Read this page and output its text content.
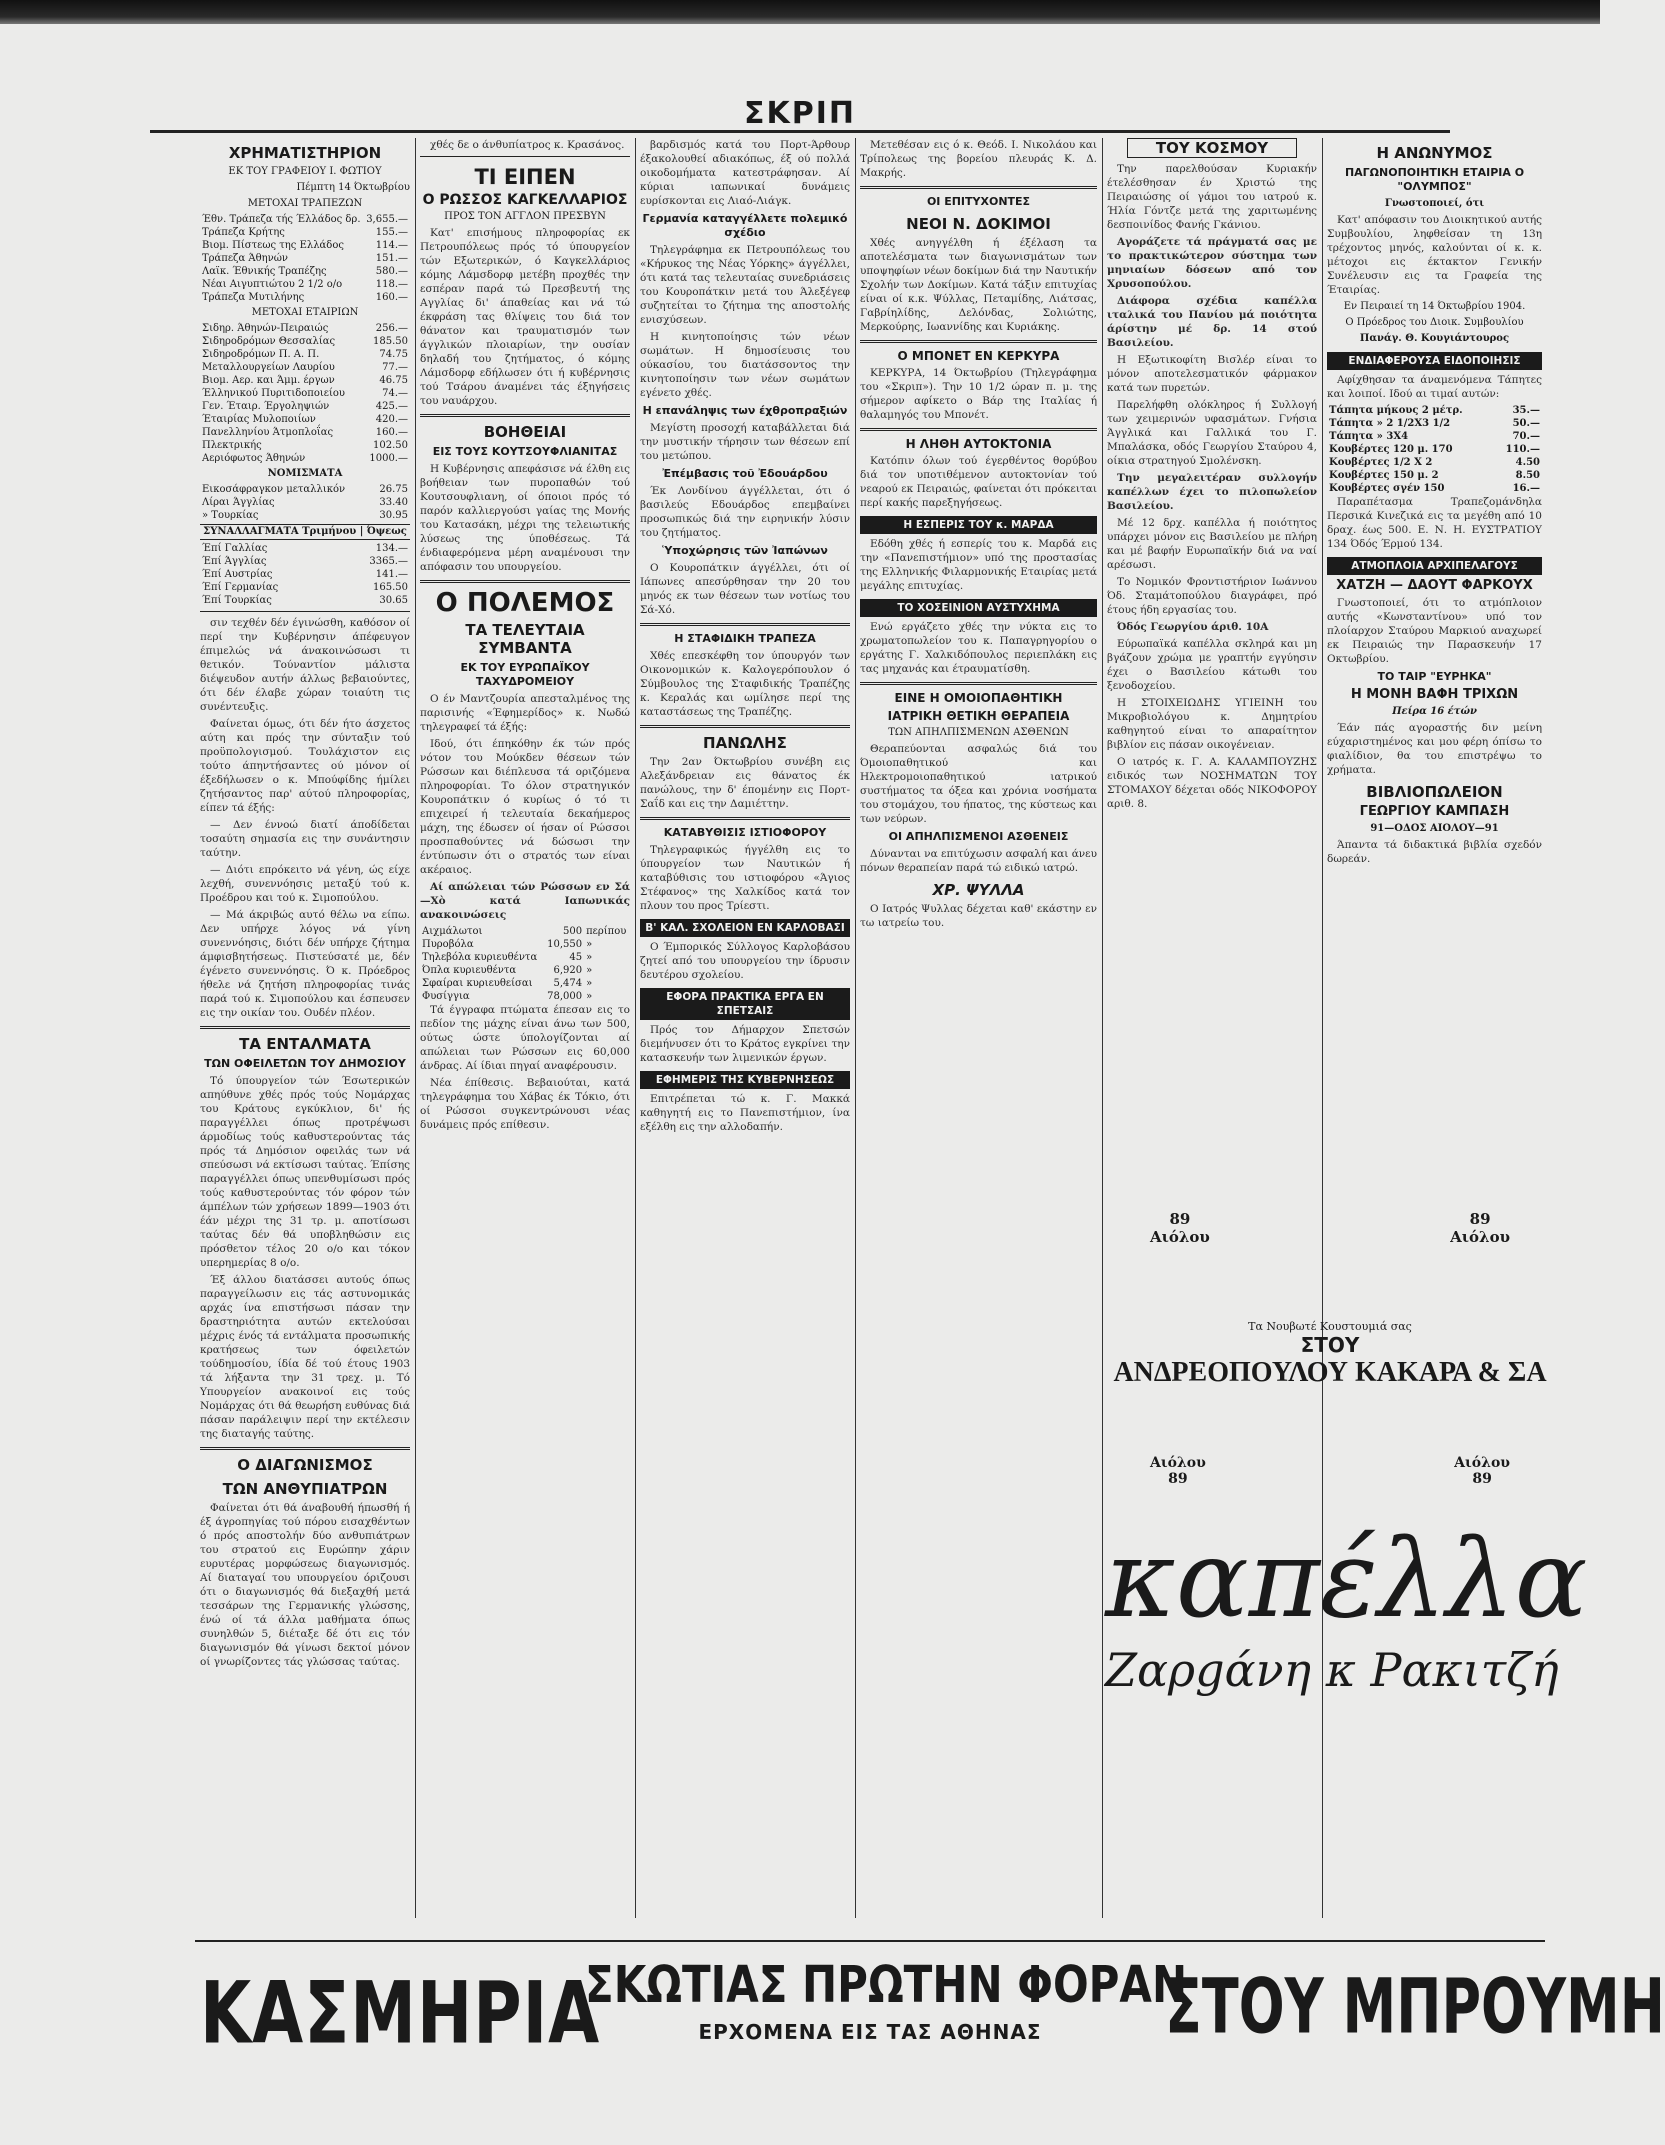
ΣΚΡΙΠ
ΧΡΗΜΑΤΙΣΤΗΡΙΟΝ
ΕΚ ΤΟΥ ΓΡΑΦΕΙΟΥ Ι. ΦΩΤΙΟΥ
Πέμπτη 14 Όκτωβρίου
ΜΕΤΟΧΑΙ ΤΡΑΠΕΖΩΝ
Έθν. Τράπεζα τής Έλλάδος δρ.	3,655.—
Τράπεζα Κρήτης	155.—
Βιομ. Πίστεως της Ελλάδος	114.—
Τράπεζα Άθηνών	151.—
Λαϊκ. Έθνικής Τραπέζης	580.—
Νέαι Αιγυπτιώτου 2 1/2 ο/ο	118.—
Τράπεζα Μυτιλήνης	160.—
ΜΕΤΟΧΑΙ ΕΤΑΙΡΙΩΝ
Σιδηρ. Άθηνών-Πειραιώς	256.—
Σιδηροδρόμων Θεσσαλίας	185.50
Σιδηροδρόμων Π. Α. Π.	74.75
Μεταλλουργείων Λαυρίου	77.—
Βιομ. Αερ. και Άμμ. έργων	46.75
Έλληνικού Πυριτιδοποιείου	74.—
Γεν. Έταιρ. Έργοληψιών	425.—
Έταιρίας Μυλοποιίων	420.—
Πανελληνίου Άτμοπλοΐας	160.—
Πλεκτρικής	102.50
Αεριόφωτος Άθηνών	1000.—
ΝΟΜΙΣΜΑΤΑ
Εικοσάφραγκον μεταλλικόν	26.75
Λίραι Άγγλίας	33.40
» Τουρκίας	30.95
ΣΥΝΑΛΛΑΓΜΑΤΑ Τριμήνου | Όψεως
Έπί Γαλλίας	134.—
Έπί Άγγλίας	3365.—
Έπί Αυστρίας	141.—
Έπί Γερμανίας	165.50
Έπί Τουρκίας	30.65

σιν τεχθέν δέν έγινώσθη, καθόσον οί περί την Κυβέρνησιν άπέφευγον έπιμελώς νά άνακοινώσωσι τι θετικόν. Τούναντίον μάλιστα διέψευδον αυτήν άλλως βεβαιούντες, ότι δέν έλαβε χώραν τοιαύτη τις συνέντευξις.

Φαίνεται όμως, ότι δέν ήτο άσχετος αύτη και πρός την σύνταξιν τού προϋπολογισμού. Τουλάχιστον εις τούτο άπηντήσαντες ού μόνον οί έξεδήλωσεν ο κ. Μπούφίδης ήμίλει ζητήσαντος παρ' αύτού πληροφορίας, είπεν τά έξής:

— Δεν έννοώ διατί άποδίδεται τοσαύτη σημασία εις την συνάντησιν ταύτην.

— Διότι επρόκειτο νά γένη, ώς είχε λεχθή, συνεννόησις μεταξύ τού κ. Προέδρου και τού κ. Σιμοπούλου.

— Μά άκριβώς αυτό θέλω να είπω. Δεν υπήρχε λόγος νά γίνη συνεννόησις, διότι δέν υπήρχε ζήτημα άμφισβητήσεως. Πιστεύσατέ με, δέν έγένετο συνεννόησις. Ό κ. Πρόεδρος ήθελε νά ζητήση πληροφορίας τινάς παρά τού κ. Σιμοπούλου και έσπευσεν εις την οικίαν του. Ουδέν πλέον.

ΤΑ ΕΝΤΑΛΜΑΤΑ
ΤΩΝ ΟΦΕΙΛΕΤΩΝ ΤΟΥ ΔΗΜΟΣΙΟΥ

Τό ύπουργείον τών Έσωτερικών απηύθυνε χθές πρός τούς Νομάρχας του Κράτους εγκύκλιον, δι' ής παραγγέλλει όπως προτρέψωσι άρμοδίως τούς καθυστερούντας τάς πρός τά Δημόσιον οφειλάς των νά σπεύσωσι νά εκτίσωσι ταύτας. Έπίσης παραγγέλλει όπως υπενθυμίσωσι πρός τούς καθυστερούντας τόν φόρον τών άμπέλων τών χρήσεων 1899—1903 ότι έάν μέχρι της 31 τρ. μ. αποτίσωσι ταύτας δέν θά υποβληθώσιν εις πρόσθετον τέλος 20 ο/ο και τόκον υπερημερίας 8 ο/ο.

Έξ άλλου διατάσσει αυτούς όπως παραγγείλωσιν εις τάς αστυνομικάς αρχάς ίνα επιστήσωσι πάσαν την δραστηριότητα αυτών εκτελούσαι μέχρις ένός τά εντάλματα προσωπικής κρατήσεως των όφειλετών τούδημοσίου, ίδία δέ τού έτους 1903 τά λήξαντα την 31 τρεχ. μ. Τό Υπουργείον ανακοινοί εις τούς Νομάρχας ότι θά θεωρήση ευθύνας διά πάσαν παράλειψιν περί την εκτέλεσιν της διαταγής ταύτης.

Ο ΔΙΑΓΩΝΙΣΜΟΣ
ΤΩΝ ΑΝΘΥΠΙΑΤΡΩΝ

Φαίνεται ότι θά άναβουθή ήπωσθή ή έξ άγροπηγίας τού πόρου εισαχθέντων ό πρός αποστολήν δύο ανθυπιάτρων του στρατού εις Ευρώπην χάριν ευρυτέρας μορφώσεως διαγωνισμός. Αί διαταγαί του υπουργείου όριζουσι ότι ο διαγωνισμός θά διεξαχθή μετά τεσσάρων της Γερμανικής γλώσσης, ένώ οί τά άλλα μαθήματα όπως συνηλθών 5, διέταξε δέ ότι εις τόν διαγωνισμόν θά γίνωσι δεκτοί μόνον οί γνωρίζοντες τάς γλώσσας ταύτας.

χθές δε ο άνθυπίατρος κ. Κρασάνος.

ΤΙ ΕΙΠΕΝ
Ο ΡΩΣΣΟΣ ΚΑΓΚΕΛΛΑΡΙΟΣ
ΠΡΟΣ ΤΟΝ ΑΓΓΛΟΝ ΠΡΕΣΒΥΝ

Κατ' επισήμους πληροφορίας εκ Πετρουπόλεως πρός τό ύπουργείον τών Εξωτερικών, ό Καγκελλάριος κόμης Λάμσδορφ μετέβη προχθές την εσπέραν παρά τώ Πρεσβευτή της Αγγλίας δι' άπαθείας και νά τώ έκφράση τας θλίψεις του διά τον θάνατον και τραυματισμόν των άγγλικών πλοιαρίων, την ουσίαν δηλαδή του ζητήματος, ό κόμης Λάμσδορφ εδήλωσεν ότι ή κυβέρνησις τού Τσάρου άναμένει τάς έξηγήσεις του ναυάρχου.

ΒΟΗΘΕΙΑΙ
ΕΙΣ ΤΟΥΣ ΚΟΥΤΣΟΥΦΛΙΑΝΙΤΑΣ

Η Κυβέρνησις απεφάσισε νά έλθη εις βοήθειαν των πυροπαθών τού Κουτσουφλιανη, οί όποιοι πρός τό παρόν καλλιεργούσι γαίας της Μονής του Κατασάκη, μέχρι της τελειωτικής λύσεως της ύποθέσεως. Τά ένδιαφερόμενα μέρη αναμένουσι την απόφασιν του υπουργείου.

Ο ΠΟΛΕΜΟΣ
ΤΑ ΤΕΛΕΥΤΑΙΑ ΣΥΜΒΑΝΤΑ
ΕΚ ΤΟΥ ΕΥΡΩΠΑΪΚΟΥ ΤΑΧΥΔΡΟΜΕΙΟΥ

Ο έν Μαντζουρία απεσταλμένος της παρισινής «Έφημερίδος» κ. Νωδώ τηλεγραφεί τά έξής:

Ιδού, ότι έπηκόθην έκ τών πρός νότον του Μούκδεν θέσεων τών Ρώσσων και διέπλευσα τά οριζόμενα πληροφορίαι. Το όλον στρατηγικόν Κουροπάτκιν ό κυρίως ό τό τι επιχειρεί ή τελευταία δεκαήμερος μάχη, της έδωσεν οί ήσαν οί Ρώσσοι προσπαθούντες νά δώσωσι την έντύπωσιν ότι ο στρατός των είναι ακέραιος.

Αί απώλειαι τών Ρώσσων εν Σά—Χὸ κατά Ιαπωνικάς ανακοινώσεις

Αιχμάλωτοι	500	περίπου
Πυροβόλα	10,550	»
Τηλεβόλα κυριευθέντα	45	»
Όπλα κυριευθέντα	6,920	»
Σφαίραι κυριευθείσαι	5,474	»
Φυσίγγια	78,000	»

Τά έγγραφα πτώματα έπεσαν εις το πεδίον της μάχης είναι άνω των 500, ούτως ώστε ύπολογίζονται αί απώλειαι των Ρώσσων εις 60,000 άνδρας. Αί ίδιαι πηγαί αναφέρουσιν.

Νέα έπίθεσις. Βεβαιούται, κατά τηλεγράφημα του Χάβας έκ Τόκιο, ότι οί Ρώσσοι συγκεντρώνουσι νέας δυνάμεις πρός επίθεσιν.

βαρδισμός κατά του Πορτ-Άρθουρ έξακολουθεί αδιακόπως, έξ ού πολλά οικοδομήματα κατεστράφησαν. Αί κύριαι ιαπωνικαί δυνάμεις ευρίσκονται εις Λιαό-Λιάγκ.

Γερμανία καταγγέλλετε πολεμικό σχέδιο

Τηλεγράφημα εκ Πετρουπόλεως του «Κήρυκος της Νέας Υόρκης» άγγέλλει, ότι κατά τας τελευταίας συνεδριάσεις του Κουροπάτκιν μετά του Άλεξέγεφ συζητείται το ζήτημα της αποστολής ενισχύσεων.

Η κινητοποίησις τών νέων σωμάτων. Η δημοσίευσις του ούκασίου, του διατάσσοντος την κινητοποίησιν των νέων σωμάτων εγένετο χθές.

Η επανάληψις των έχθροπραξιών

Μεγίστη προσοχή καταβάλλεται διά την μυστικήν τήρησιν των θέσεων επί του μετώπου.

Ἐπέμβασις τοῦ Ἐδουάρδου

Έκ Λονδίνου άγγέλλεται, ότι ό βασιλεύς Εδουάρδος επεμβαίνει προσωπικώς διά την ειρηνικήν λύσιν του ζητήματος.

Ὑποχώρησις τῶν Ἰαπώνων

Ο Κουροπάτκιν άγγέλλει, ότι οί Ιάπωνες απεσύρθησαν την 20 του μηνός εκ των θέσεων των νοτίως του Σά-Χό.

Η ΣΤΑΦΙΔΙΚΗ ΤΡΑΠΕΖΑ

Χθές επεσκέφθη τον ύπουργόν των Οικονομικών κ. Καλογερόπουλον ό Σύμβουλος της Σταφιδικής Τραπέζης κ. Κεραλάς και ωμίλησε περί της καταστάσεως της Τραπέζης.

ΠΑΝΩΛΗΣ

Την 2αν Όκτωβρίου συνέβη εις Αλεξάνδρειαν εις θάνατος έκ πανώλους, την δ' έπομένην εις Πορτ-Σαΐδ και εις την Δαμιέττην.

ΚΑΤΑΒΥΘΙΣΙΣ ΙΣΤΙΟΦΟΡΟΥ

Τηλεγραφικώς ήγγέλθη εις το ύπουργείον των Ναυτικών ή καταβύθισις του ιστιοφόρου «Άγιος Στέφανος» της Χαλκίδος κατά τον πλουν του προς Τρίεστι.

Β' ΚΑΛ. ΣΧΟΛΕΙΟΝ ΕΝ ΚΑΡΛΟΒΑΣΙ

Ο Έμπορικός Σύλλογος Καρλοβάσου ζητεί από του υπουργείου την ίδρυσιν δευτέρου σχολείου.

ΕΦΟΡΑ ΠΡΑΚΤΙΚΑ ΕΡΓΑ ΕΝ ΣΠΕΤΣΑΙΣ

Πρός τον Δήμαρχον Σπετσών διεμήνυσεν ότι το Κράτος εγκρίνει την κατασκευήν των λιμενικών έργων.

ΕΦΗΜΕΡΙΣ ΤΗΣ ΚΥΒΕΡΝΗΣΕΩΣ

Επιτρέπεται τώ κ. Γ. Μακκά καθηγητή εις το Πανεπιστήμιον, ίνα εξέλθη εις την αλλοδαπήν.

Μετεθέσαν εις ό κ. Θεόδ. Ι. Νικολάου και Τρίπολεως της βορείου πλευράς Κ. Δ. Μακρής.

ΟΙ ΕΠΙΤΥΧΟΝΤΕΣ
ΝΕΟΙ Ν. ΔΟΚΙΜΟΙ

Χθές ανηγγέλθη ή έξέλαση τα αποτελέσματα των διαγωνισμάτων των υποψηφίων νέων δοκίμων διά την Ναυτικήν Σχολήν των Δοκίμων. Κατά τάξιν επιτυχίας είναι οί κ.κ. Ψύλλας, Πεταμίδης, Λιάτσας, Γαβρίηλίδης, Δελόνδας, Σολιώτης, Μερκούρης, Ιωαννίδης και Κυριάκης.

Ο ΜΠΟΝΕΤ ΕΝ ΚΕΡΚΥΡΑ

ΚΕΡΚΥΡΑ, 14 Όκτωβρίου (Τηλεγράφημα του «Σκριπ»). Την 10 1/2 ώραν π. μ. της σήμερον αφίκετο ο Βάρ της Ιταλίας ή θαλαμηγός του Μπονέτ.

Η ΛΗΘΗ ΑΥΤΟΚΤΟΝΙΑ

Κατόπιν όλων τού έγερθέντος θορύβου διά τον υποτιθέμενον αυτοκτονίαν τού νεαρού εκ Πειραιώς, φαίνεται ότι πρόκειται περί κακής παρεξηγήσεως.

Η ΕΣΠΕΡΙΣ ΤΟΥ κ. ΜΑΡΔΑ

Εδόθη χθές ή εσπερίς του κ. Μαρδά εις την «Πανεπιστήμιον» υπό της προστασίας της Ελληνικής Φιλαρμονικής Εταιρίας μετά μεγάλης επιτυχίας.

ΤΟ ΧΟΣΕΙΝΙΟΝ ΑΥΣΤΥΧΗΜΑ

Ενώ εργάζετο χθές την νύκτα εις το χρωματοπωλείον του κ. Παπαγρηγορίου ο εργάτης Γ. Χαλκιδόπουλος περιεπλάκη εις τας μηχανάς και έτραυματίσθη.

ΕΙΝΕ Η ΟΜΟΙΟΠΑΘΗΤΙΚΗ
ΙΑΤΡΙΚΗ ΘΕΤΙΚΗ ΘΕΡΑΠΕΙΑ
ΤΩΝ ΑΠΗΛΠΙΣΜΕΝΩΝ ΑΣΘΕΝΩΝ

Θεραπεύονται ασφαλώς διά του Όμοιοπαθητικού και Ηλεκτρομοιοπαθητικού ιατρικού συστήματος τα όξεα και χρόνια νοσήματα του στομάχου, του ήπατος, της κύστεως και των νεύρων.

ΟΙ ΑΠΗΛΠΙΣΜΕΝΟΙ ΑΣΘΕΝΕΙΣ

Δύνανται να επιτύχωσιν ασφαλή και άνευ πόνων θεραπείαν παρά τώ ειδικώ ιατρώ.

ΧΡ. ΨΥΛΛΑ

Ο Ιατρός Ψυλλας δέχεται καθ' εκάστην εν τω ιατρείω του.

ΤΟΥ ΚΟΣΜΟΥ

Την παρελθούσαν Κυριακήν έτελέσθησαν έν Χριστώ της Πειραιώσης οί γάμοι του ιατρού κ. Ήλία Γόντζε μετά της χαριτωμένης δεσποινίδος Φανής Γκάνιου.

Αγοράζετε τά πράγματά σας με το πρακτικώτερον σύστημα των μηνιαίων δόσεων από τον Χρυσοπούλου.

Διάφορα σχέδια καπέλλα ιταλικά του Πανίου μά ποιότητα άρίστην μέ δρ. 14 στού Βασιλείου.

Η Εξωτικοφίτη Βισλέρ είναι το μόνον αποτελεσματικόν φάρμακον κατά των πυρετών.

Παρελήφθη ολόκληρος ή Συλλογή των χειμερινών υφασμάτων. Γνήσια Άγγλικά και Γαλλικά του Γ. Μπαλάσκα, οδός Γεωργίου Σταύρου 4, οίκια στρατηγού Σμολένσκη.

Την μεγαλειτέραν συλλογήν καπέλλων έχει το πιλοπωλείον Βασιλείου.

Μέ 12 δρχ. καπέλλα ή ποιότητος υπάρχει μόνον εις Βασιλείου με πλήρη και μέ βαφήν Ευρωπαϊκήν διά να ναί αρέσωσι.

Το Νομικόν Φροντιστήριον Ιωάννου Όδ. Σταμάτοπούλου διαγράφει, πρό έτους ήδη εργασίας του.

Όδός Γεωργίου άριθ. 10Α

Εύρωπαϊκά καπέλλα σκληρά και μη βγάζουν χρώμα με γραπτήν εγγύησιν έχει ο Βασιλείου κάτωθι του ξενοδοχείου.

Η ΣΤΟΙΧΕΙΩΔΗΣ ΥΓΙΕΙΝΗ του Μικροβιολόγου κ. Δημητρίου καθηγητού είναι το απαραίτητον βιβλίον εις πάσαν οικογένειαν.

Ο ιατρός κ. Γ. Α. ΚΑΛΑΜΠΟΥΖΗΣ ειδικός των ΝΟΣΗΜΑΤΩΝ ΤΟΥ ΣΤΟΜΑΧΟΥ δέχεται οδός ΝΙΚΟΦΟΡΟΥ αριθ. 8.

Η ΑΝΩΝΥΜΟΣ
ΠΑΓΩΝΟΠΟΙΗΤΙΚΗ ΕΤΑΙΡΙΑ Ο "ΟΛΥΜΠΟΣ"
Γνωστοποιεί, ότι

Κατ' απόφασιν του Διοικητικού αυτής Συμβουλίου, ληφθείσαν τη 13η τρέχοντος μηνός, καλούνται οί κ. κ. μέτοχοι εις έκτακτον Γενικήν Συνέλευσιν εις τα Γραφεία της Έταιρίας.

Εν Πειραιεί τη 14 Όκτωβρίου 1904.
Ο Πρόεδρος του Διοικ. Συμβουλίου
Πανάγ. Θ. Κουγιάντουρος
ΕΝΔΙΑΦΕΡΟΥΣΑ ΕΙΔΟΠΟΙΗΣΙΣ

Αφίχθησαν τα άναμενόμενα Τάπητες και λοιποί. Ιδού αι τιμαί αυτών:

Τάπητα μήκους 2 μέτρ.	35.—
Τάπητα » 2 1/2Χ3 1/2	50.—
Τάπητα » 3Χ4	70.—
Κουβέρτες 120 μ. 170	110.—
Κουβέρτες 1/2 Χ 2	4.50
Κουβέρτες 150 μ. 2	8.50
Κουβέρτες σγέν 150	16.—

Παραπέτασμα Τραπεζομάνδηλα Περσικά Κινεζικά εις τα μεγέθη από 10 δραχ. έως 500. Ε. Ν. Η. ΕΥΣΤΡΑΤΙΟΥ 134 Όδός Έρμού 134.

ΑΤΜΟΠΛΟΙΑ ΑΡΧΙΠΕΛΑΓΟΥΣ
ΧΑΤΖΗ — ΔΑΟΥΤ ΦΑΡΚΟΥΧ

Γνωστοποιεί, ότι το ατμόπλοιον αυτής «Κωνσταντίνου» υπό τον πλοίαρχον Σταύρου Μαρκιού αναχωρεί εκ Πειραιώς την Παρασκευήν 17 Οκτωβρίου.

ΤΟ ΤΑΙΡ "ΕΥΡΗΚΑ"
Η ΜΟΝΗ ΒΑΦΗ ΤΡΙΧΩΝ
Πείρα 16 έτών

Έάν πάς αγοραστής διν μείνη εύχαριστημένος και μου φέρη όπίσω το φιαλίδιον, θα του επιστρέψω το χρήματα.

ΒΙΒΛΙΟΠΩΛΕΙΟΝ
ΓΕΩΡΓΙΟΥ ΚΑΜΠΑΣΗ
91—ΟΔΟΣ ΑΙΟΛΟΥ—91

Άπαντα τά διδακτικά βιβλία σχεδόν δωρεάν.

89
Αιόλου
89
Αιόλου
Τα Νουβωτέ Κουστουμιά σας
ΣΤΟΥ
ΑΝΔΡΕΟΠΟΥΛΟΥ ΚΑΚΑΡΑ & ΣΑ
Αιόλου
89
Αιόλου
89
καπέλλα
Ζαρgάνη κ Ρακιτζή
ΚΑΣΜΗΡΙΑ
ΣΚΩΤΙΑΣ ΠΡΩΤΗΝ ΦΟΡΑΝ
ΕΡΧΟΜΕΝΑ ΕΙΣ ΤΑΣ ΑΘΗΝΑΣ	ΣΤΟΥ ΜΠΡΟΥΜΗ
